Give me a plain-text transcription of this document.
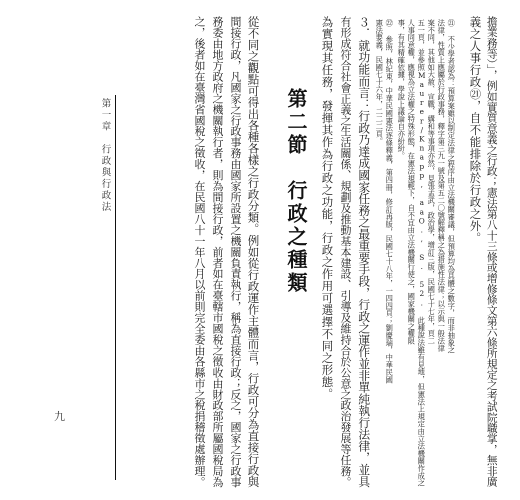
第一章　行政與行政法
九	擔業務等）」，例如實質意義之行政；憲法第八十三條或增修條文第六條所規定之考試院職掌，無非廣
義之人事行政㉑，自不能排除於行政之外。
㉑ 不少學者認為：預算案雖以制定法律之程序由立法機關審議，但預算均為具體之數字，而非抽象之
法律，性質上應屬於行政事務，釋字第三九一號及第五二〇號解釋稱之為措施性法律；以示與一般法律
案不同，其他如大赦、宣戰、媾和等事項亦然，見張孟武，政治學，增訂三版，民國七十七年，頁二
五一頁，並參照Maurer/Knapp, aaO., S. 52. 此種說法雖有見地，但憲法上規定由立法機關作成之
人事同意權，應視為立法權之特殊形態，在憲法規範下，自不宜由立法機關行使之，國家機關之權限
事，有其精確依據，學說上議論自亦紛紛。
㉒ 參照，林紀東，中華民國憲法逐條釋義，第四冊，修訂再版，民國七十八年，一四四頁；劉慶瑞，中華民國
憲法要義，民國七十六年，二二二頁。
３．就功能而言：行政乃達成國家任務之最重要手段，行政之運作並非單純執行法律，並具
有形成符合社會正義之生活關係、規劃及推動基本建設、引導及維持合於公意之政治發展等任務。
為實現其任務，發揮其作為行政之功能，行政之作用可選擇不同之形態。
第二節　行政之種類
從不同之觀點可得出各種各樣之行政分類。例如從行政運作主體而言，行政可分為直接行政與
間接行政，凡國家之行政事務由國家所設置之機關負責執行，稱為直接行政；反之，國家之行政事
務委由地方政府之機關執行者，則為間接行政，前者如在臺轄市國稅之徵收由財政部所屬國稅局為
之，後者如在臺灣省國稅之徵收，在民國八十一年八月以前則完全委由各縣市之稅捐稽徵處辦理。
